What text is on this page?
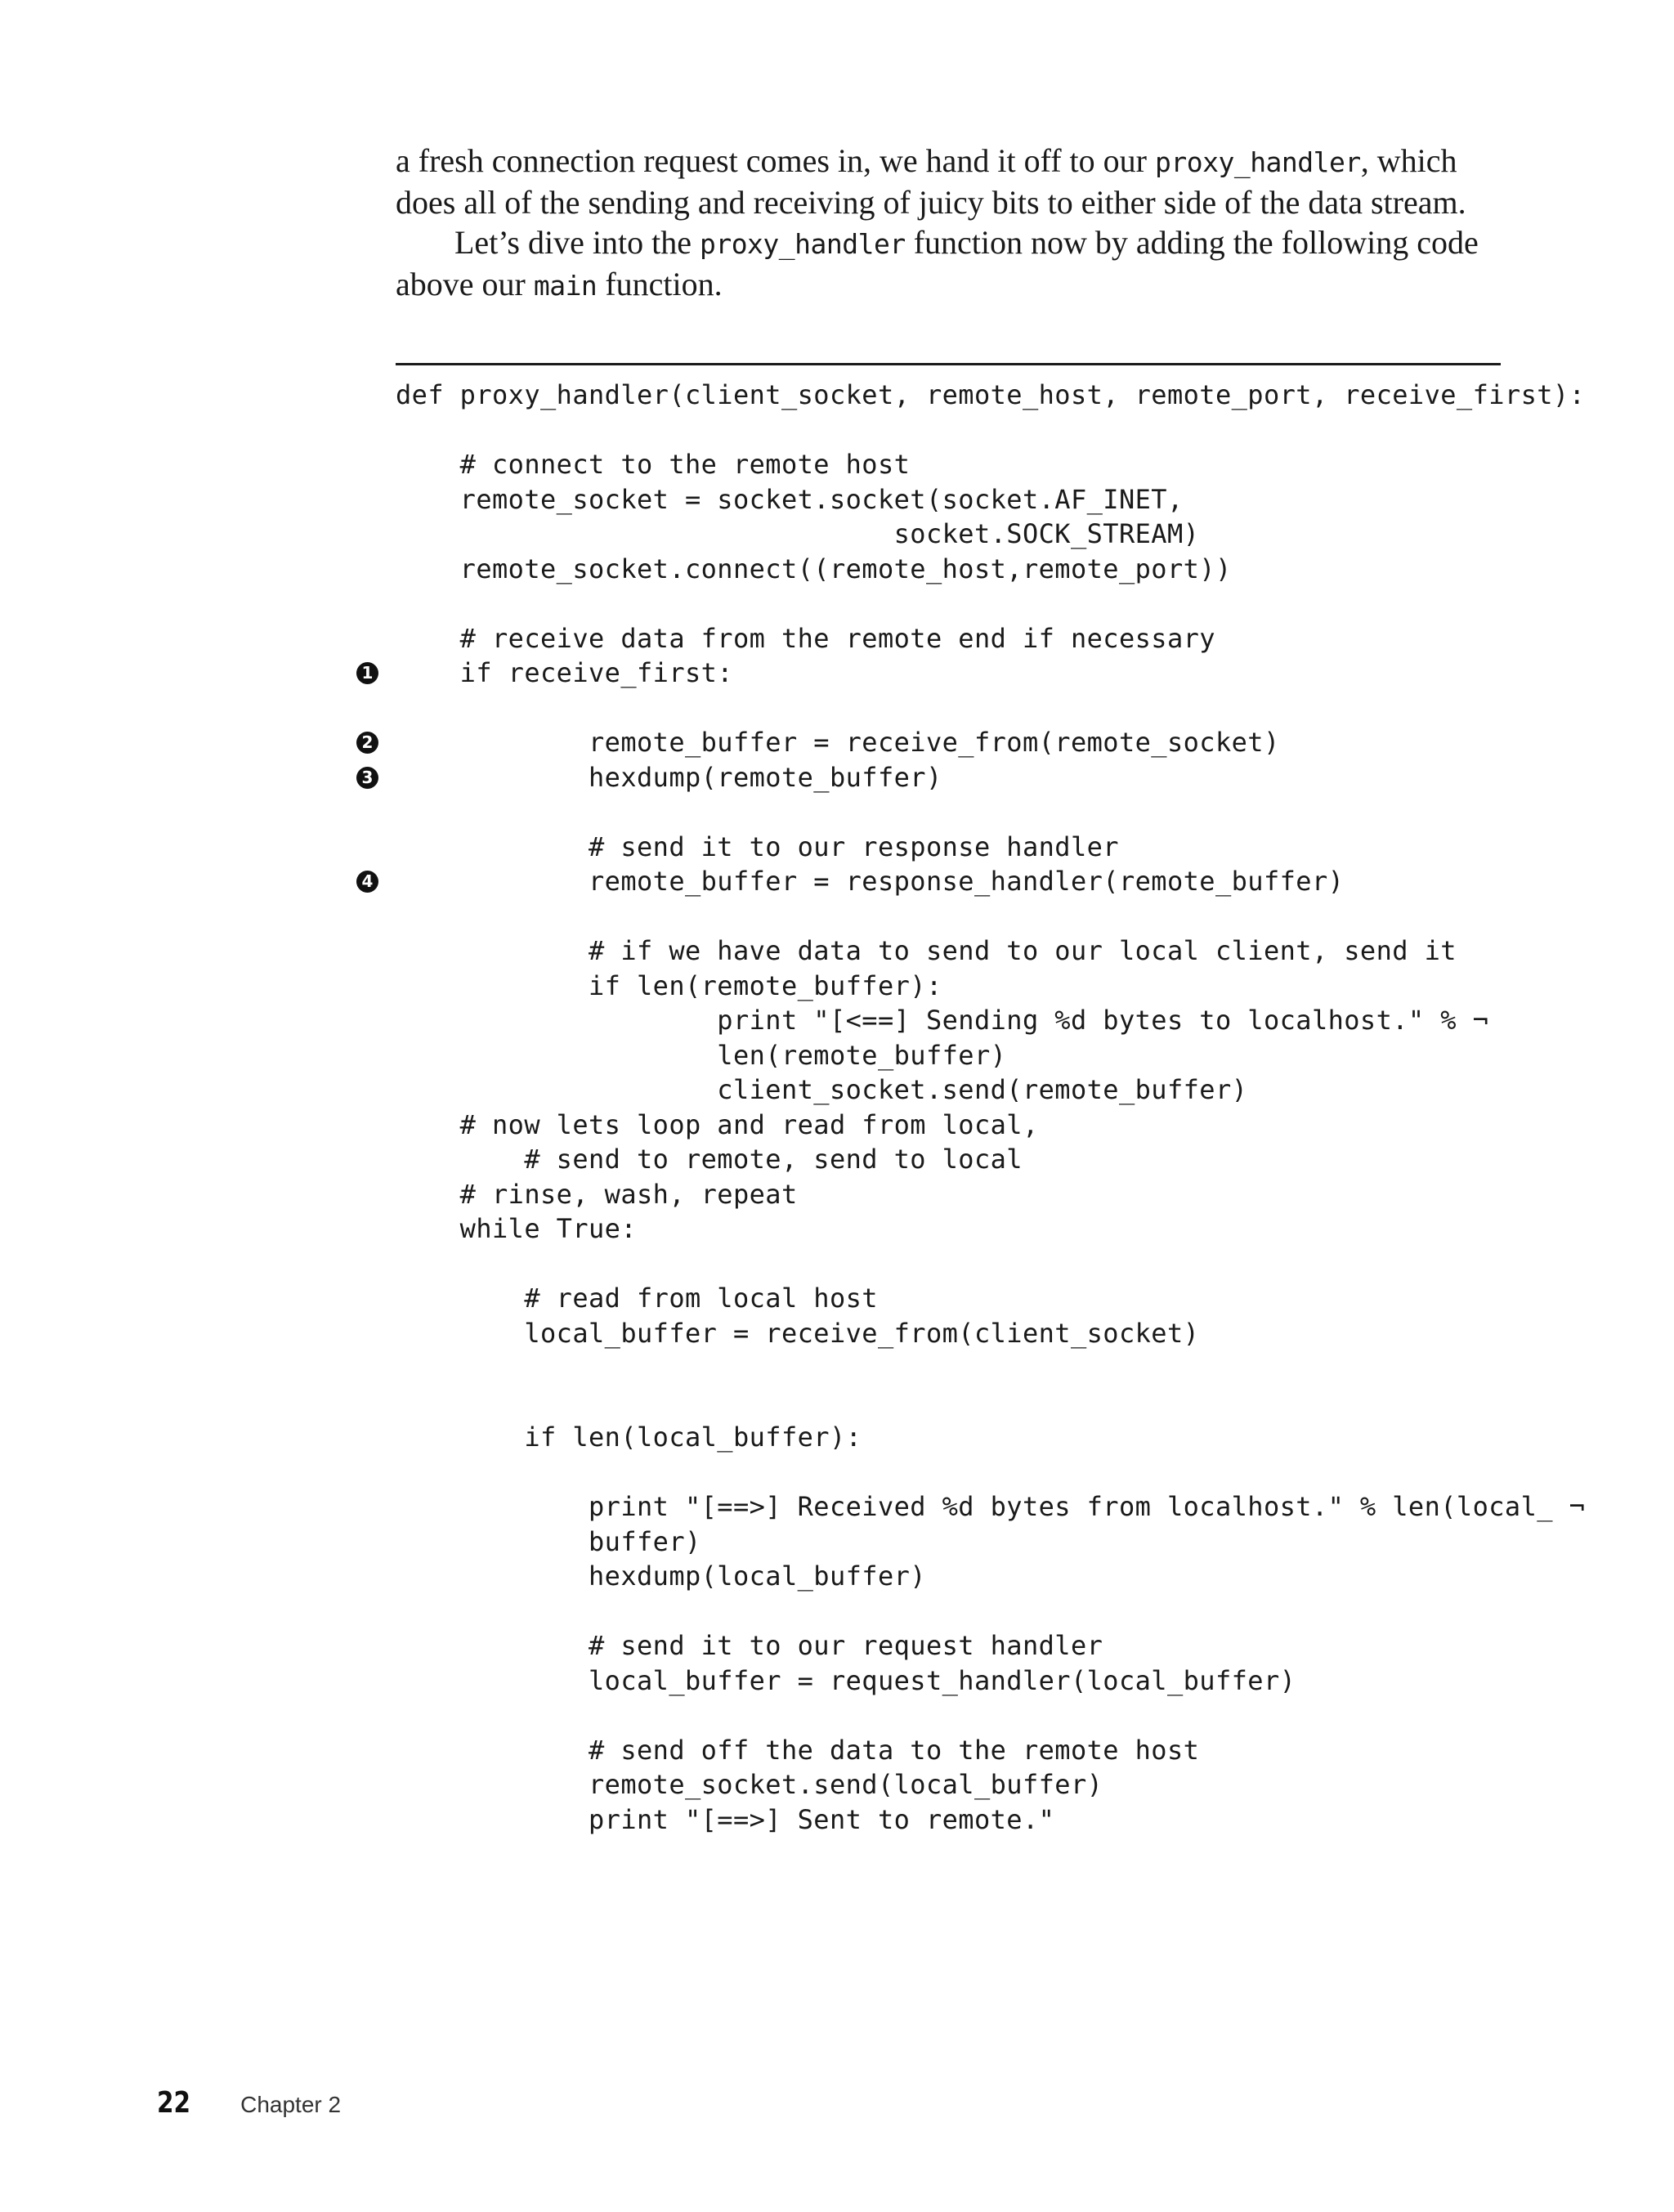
a fresh connection request comes in, we hand it off to our proxy_handler, which does all of the sending and receiving of juicy bits to either side of the data stream.

Let’s dive into the proxy_handler function now by adding the following code above our main function.

def proxy_handler(client_socket, remote_host, remote_port, receive_first):
# connect to the remote host
remote_socket = socket.socket(socket.AF_INET,
socket.SOCK_STREAM)
remote_socket.connect((remote_host,remote_port))
# receive data from the remote end if necessary
if receive_first:
1
remote_buffer = receive_from(remote_socket)
2
hexdump(remote_buffer)
3
# send it to our response handler
remote_buffer = response_handler(remote_buffer)
4
# if we have data to send to our local client, send it
if len(remote_buffer):
print "[<==] Sending %d bytes to localhost." % ¬
len(remote_buffer)
client_socket.send(remote_buffer)
# now lets loop and read from local,
# send to remote, send to local
# rinse, wash, repeat
while True:
# read from local host
local_buffer = receive_from(client_socket)
if len(local_buffer):
print "[==>] Received %d bytes from localhost." % len(local_ ¬
buffer)
hexdump(local_buffer)
# send it to our request handler
local_buffer = request_handler(local_buffer)
# send off the data to the remote host
remote_socket.send(local_buffer)
print "[==>] Sent to remote."
22 Chapter 2
